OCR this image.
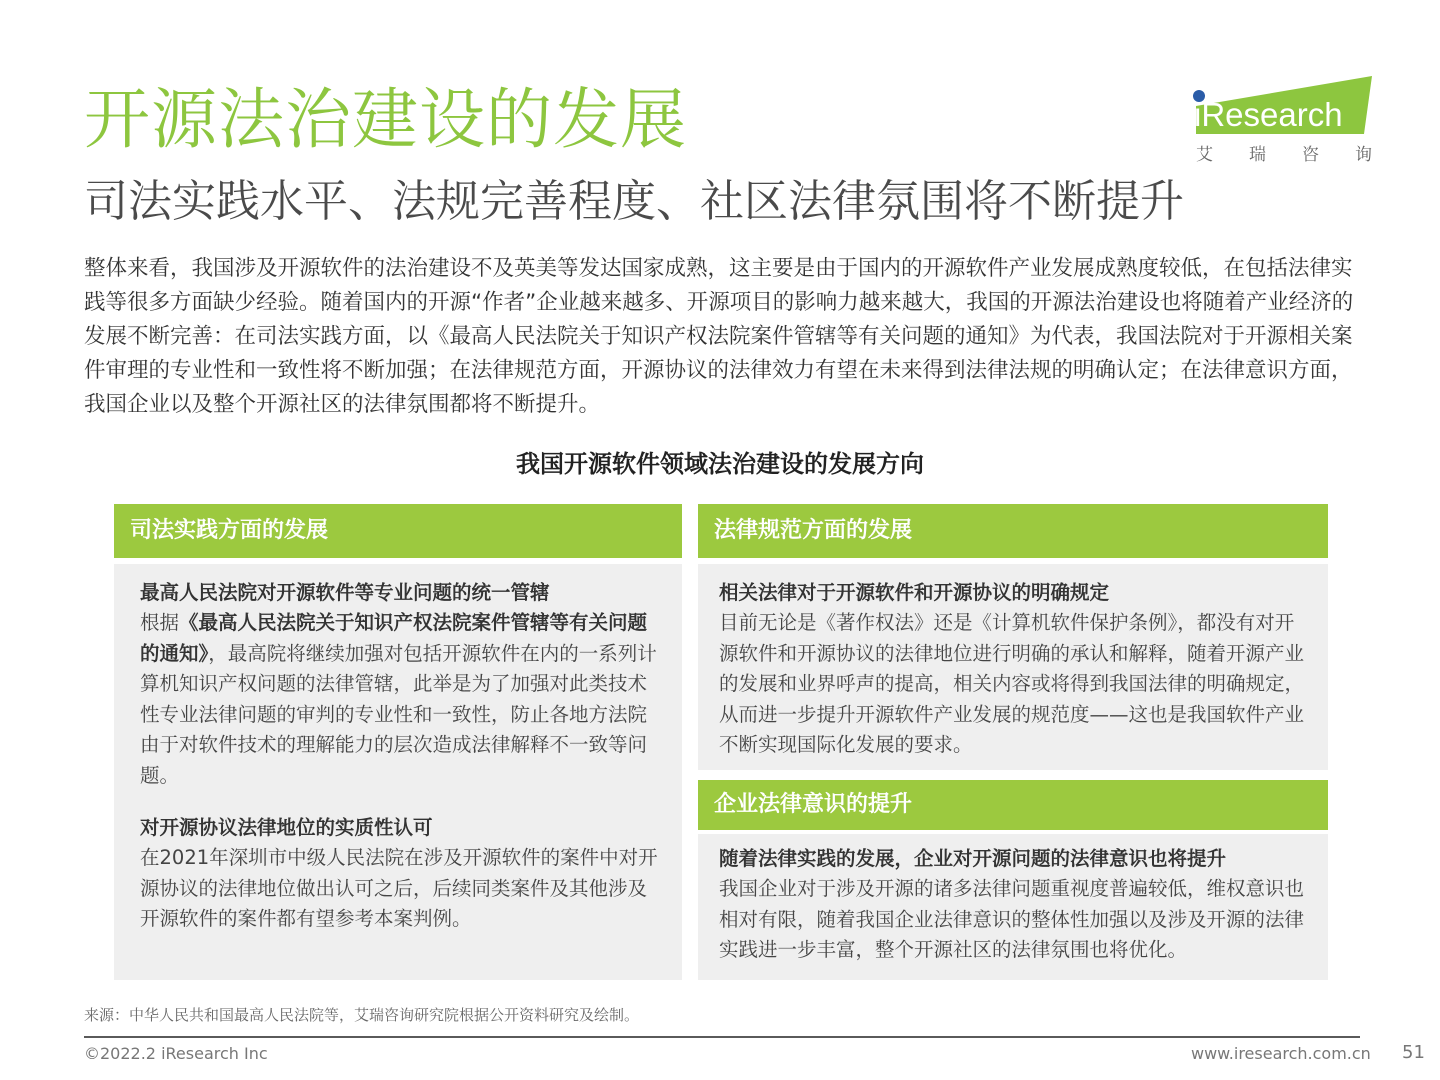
开源法治建设的发展
司法实践水平、法规完善程度、社区法律氛围将不断提升
iResearch
艾 瑞 咨 询
整体来看，我国涉及开源软件的法治建设不及英美等发达国家成熟，这主要是由于国内的开源软件产业发展成熟度较低，在包括法律实践等很多方面缺少经验。随着国内的开源“作者”企业越来越多、开源项目的影响力越来越大，我国的开源法治建设也将随着产业经济的发展不断完善：在司法实践方面，以《最高人民法院关于知识产权法院案件管辖等有关问题的通知》为代表，我国法院对于开源相关案件审理的专业性和一致性将不断加强；在法律规范方面，开源协议的法律效力有望在未来得到法律法规的明确认定；在法律意识方面，我国企业以及整个开源社区的法律氛围都将不断提升。
我国开源软件领域法治建设的发展方向
司法实践方面的发展
最高人民法院对开源软件等专业问题的统一管辖
根据《最高人民法院关于知识产权法院案件管辖等有关问题的通知》，最高院将继续加强对包括开源软件在内的一系列计算机知识产权问题的法律管辖，此举是为了加强对此类技术性专业法律问题的审判的专业性和一致性，防止各地方法院由于对软件技术的理解能力的层次造成法律解释不一致等问题。
对开源协议法律地位的实质性认可
在2021年深圳市中级人民法院在涉及开源软件的案件中对开源协议的法律地位做出认可之后，后续同类案件及其他涉及开源软件的案件都有望参考本案判例。
法律规范方面的发展
相关法律对于开源软件和开源协议的明确规定
目前无论是《著作权法》还是《计算机软件保护条例》，都没有对开源软件和开源协议的法律地位进行明确的承认和解释，随着开源产业的发展和业界呼声的提高，相关内容或将得到我国法律的明确规定，从而进一步提升开源软件产业发展的规范度——这也是我国软件产业不断实现国际化发展的要求。
企业法律意识的提升
随着法律实践的发展，企业对开源问题的法律意识也将提升
我国企业对于涉及开源的诸多法律问题重视度普遍较低，维权意识也相对有限，随着我国企业法律意识的整体性加强以及涉及开源的法律实践进一步丰富，整个开源社区的法律氛围也将优化。
来源：中华人民共和国最高人民法院等，艾瑞咨询研究院根据公开资料研究及绘制。
©2022.2 iResearch Inc	www.iresearch.com.cn 51
